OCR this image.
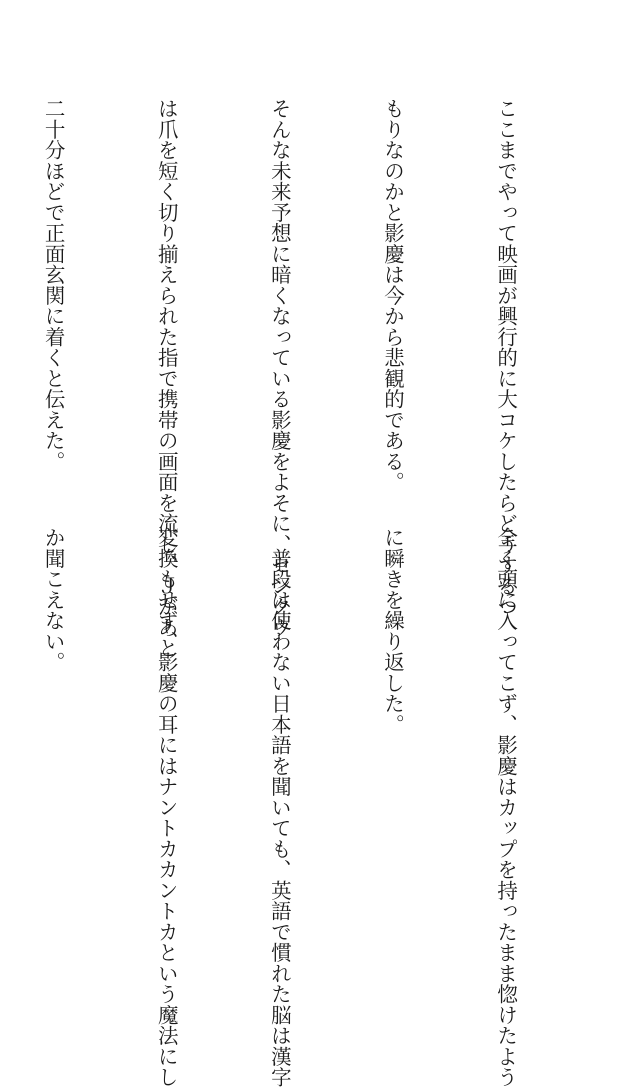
ここまでやって映画が興行的に大コケしたらどうするつ

もりなのかと影慶は今から悲観的である。

そんな未来予想に暗くなっている影慶をよそに、センクウ

は爪を短く切り揃えられた指で携帯の画面を流し、Ｊがあと

二十分ほどで正面玄関に着くと伝えた。

全く頭に入ってこず、影慶はカップを持ったまま惚けたよう

に瞬きを繰り返した。

　普段は使わない日本語を聞いても、英語で慣れた脳は漢字

変換もせず、影慶の耳にはナントカカントカという魔法にし

か聞こえない。
